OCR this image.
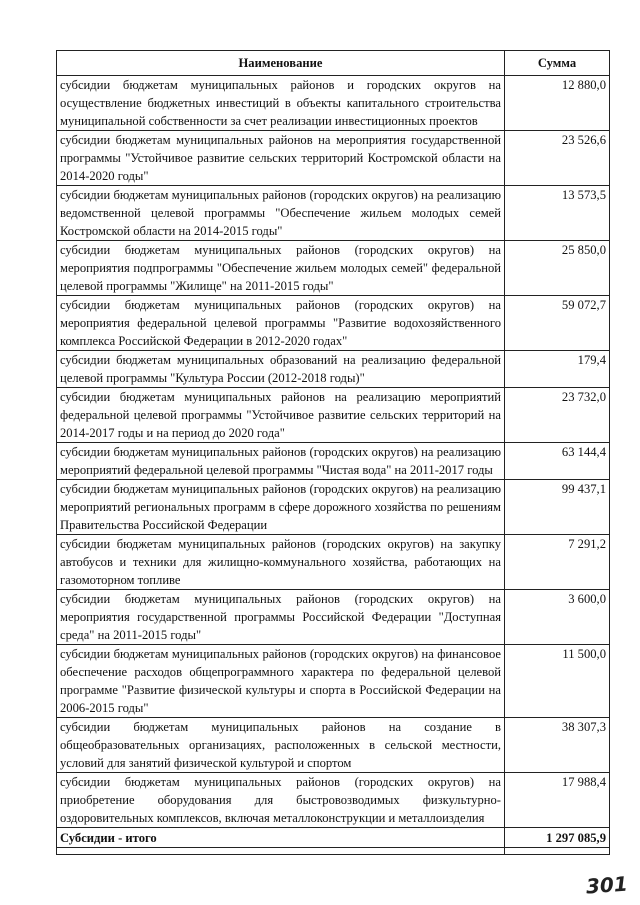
Наименование	Сумма
субсидии бюджетам муниципальных районов и городских округов на осуществление бюджетных инвестиций в объекты капитального строительства муниципальной собственности за счет реализации инвестиционных проектов	12 880,0
субсидии бюджетам муниципальных районов на мероприятия государственной программы "Устойчивое развитие сельских территорий Костромской области на 2014-2020 годы"	23 526,6
субсидии бюджетам муниципальных районов (городских округов) на реализацию ведомственной целевой программы "Обеспечение жильем молодых семей Костромской области на 2014-2015 годы"	13 573,5
субсидии бюджетам муниципальных районов (городских округов) на мероприятия подпрограммы "Обеспечение жильем молодых семей" федеральной целевой программы "Жилище" на 2011-2015 годы"	25 850,0
субсидии бюджетам муниципальных районов (городских округов) на мероприятия федеральной целевой программы "Развитие водохозяйственного комплекса Российской Федерации в 2012-2020 годах"	59 072,7
субсидии бюджетам муниципальных образований на реализацию федеральной целевой программы "Культура России (2012-2018 годы)"	179,4
субсидии бюджетам муниципальных районов на реализацию мероприятий федеральной целевой программы "Устойчивое развитие сельских территорий на 2014-2017 годы и на период до 2020 года"	23 732,0
субсидии бюджетам муниципальных районов (городских округов) на реализацию мероприятий федеральной целевой программы "Чистая вода" на 2011-2017 годы	63 144,4
субсидии бюджетам муниципальных районов (городских округов) на реализацию мероприятий региональных программ в сфере дорожного хозяйства по решениям Правительства Российской Федерации	99 437,1
субсидии бюджетам муниципальных районов (городских округов) на закупку автобусов и техники для жилищно-коммунального хозяйства, работающих на газомоторном топливе	7 291,2
субсидии бюджетам муниципальных районов (городских округов) на мероприятия государственной программы Российской Федерации "Доступная среда" на 2011-2015 годы"	3 600,0
субсидии бюджетам муниципальных районов (городских округов) на финансовое обеспечение расходов общепрограммного характера по федеральной целевой программе "Развитие физической культуры и спорта в Российской Федерации на 2006-2015 годы"	11 500,0
субсидии бюджетам муниципальных районов на создание в общеобразовательных организациях, расположенных в сельской местности, условий для занятий физической культурой и спортом	38 307,3
субсидии бюджетам муниципальных районов (городских округов) на приобретение оборудования для быстровозводимых физкультурно-оздоровительных комплексов, включая металлоконструкции и металлоизделия	17 988,4
Субсидии - итого	1 297 085,9

301
